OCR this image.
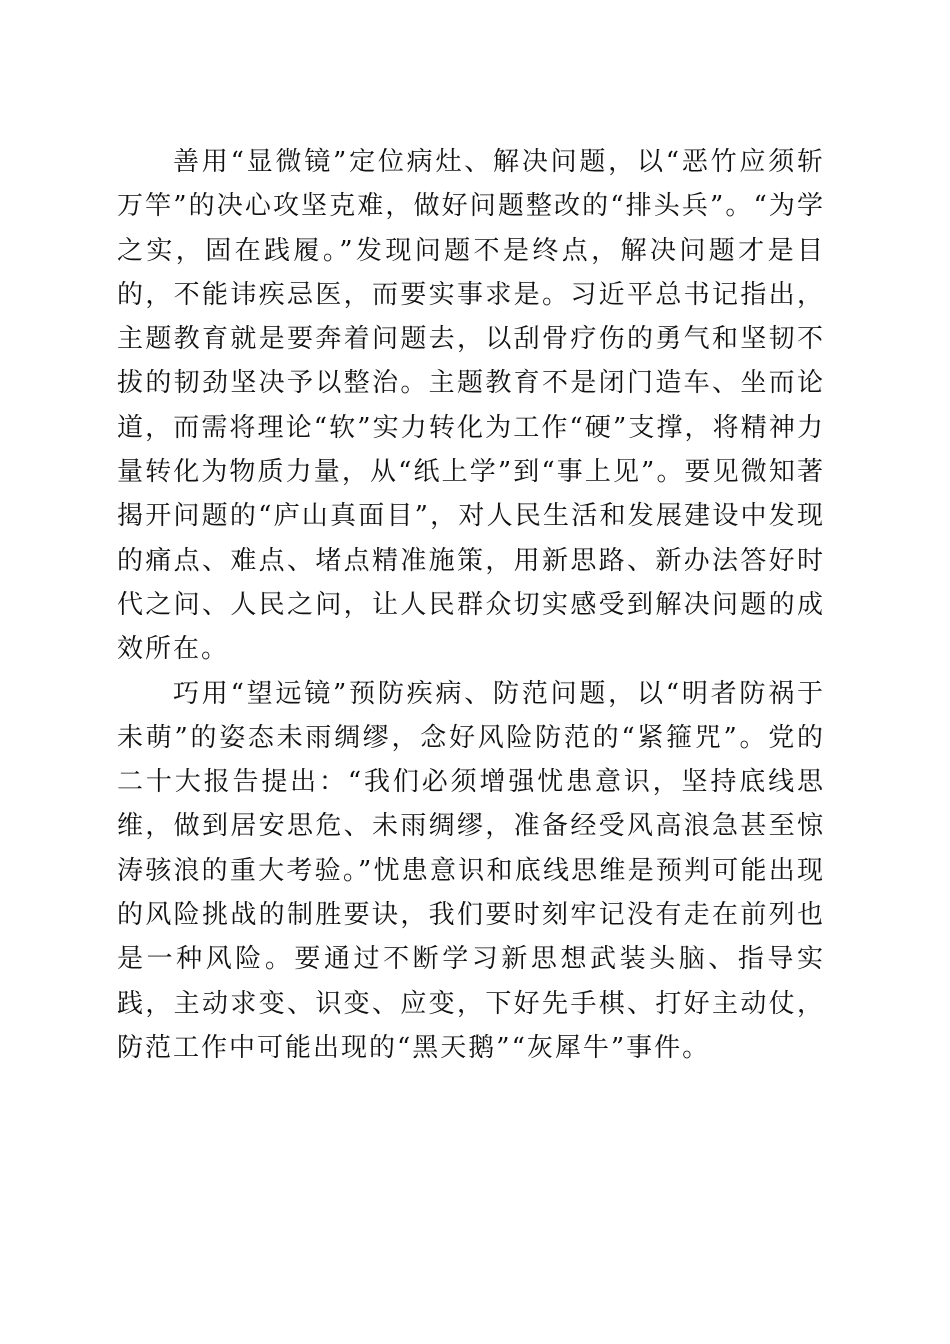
善用“显微镜”定位病灶、解决问题，以“恶竹应须斩万竿”的决心攻坚克难，做好问题整改的“排头兵”。“为学之实，固在践履。”发现问题不是终点，解决问题才是目的，不能讳疾忌医，而要实事求是。习近平总书记指出，主题教育就是要奔着问题去，以刮骨疗伤的勇气和坚韧不拔的韧劲坚决予以整治。主题教育不是闭门造车、坐而论道，而需将理论“软”实力转化为工作“硬”支撑，将精神力量转化为物质力量，从“纸上学”到“事上见”。要见微知著揭开问题的“庐山真面目”，对人民生活和发展建设中发现的痛点、难点、堵点精准施策，用新思路、新办法答好时代之问、人民之问，让人民群众切实感受到解决问题的成效所在。

巧用“望远镜”预防疾病、防范问题，以“明者防祸于未萌”的姿态未雨绸缪，念好风险防范的“紧箍咒”。党的二十大报告提出：“我们必须增强忧患意识，坚持底线思维，做到居安思危、未雨绸缪，准备经受风高浪急甚至惊涛骇浪的重大考验。”忧患意识和底线思维是预判可能出现的风险挑战的制胜要诀，我们要时刻牢记没有走在前列也是一种风险。要通过不断学习新思想武装头脑、指导实践，主动求变、识变、应变，下好先手棋、打好主动仗，防范工作中可能出现的“黑天鹅”“灰犀牛”事件。
